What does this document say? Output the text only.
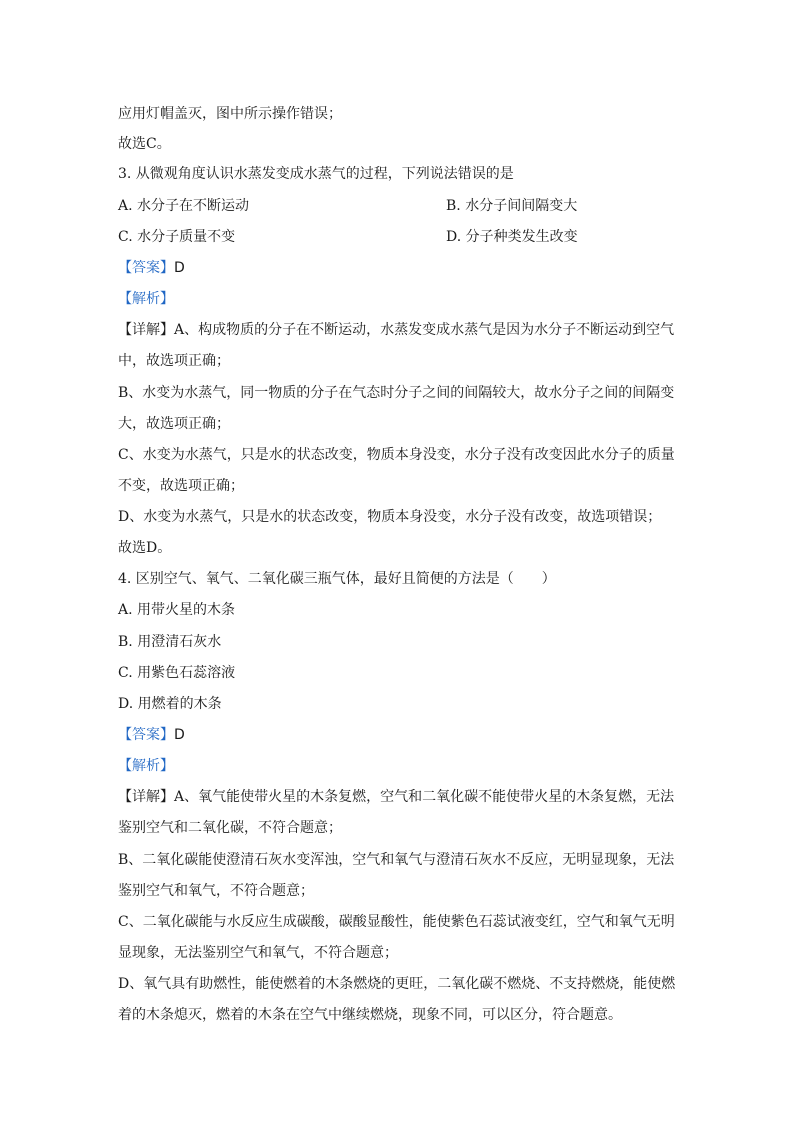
应用灯帽盖灭，图中所示操作错误；
故选C。
3. 从微观角度认识水蒸发变成水蒸气的过程，下列说法错误的是
A. 水分子在不断运动	B. 水分子间间隔变大
C. 水分子质量不变	D. 分子种类发生改变
【答案】D
【解析】
【详解】A、构成物质的分子在不断运动，水蒸发变成水蒸气是因为水分子不断运动到空气
中，故选项正确；
B、水变为水蒸气，同一物质的分子在气态时分子之间的间隔较大，故水分子之间的间隔变
大，故选项正确；
C、水变为水蒸气，只是水的状态改变，物质本身没变，水分子没有改变因此水分子的质量
不变，故选项正确；
D、水变为水蒸气，只是水的状态改变，物质本身没变，水分子没有改变，故选项错误；
故选D。
4. 区别空气、氧气、二氧化碳三瓶气体，最好且简便的方法是（　　）
A. 用带火星的木条
B. 用澄清石灰水
C. 用紫色石蕊溶液
D. 用燃着的木条
【答案】D
【解析】
【详解】A、氧气能使带火星的木条复燃，空气和二氧化碳不能使带火星的木条复燃，无法
鉴别空气和二氧化碳，不符合题意；
B、二氧化碳能使澄清石灰水变浑浊，空气和氧气与澄清石灰水不反应，无明显现象，无法
鉴别空气和氧气，不符合题意；
C、二氧化碳能与水反应生成碳酸，碳酸显酸性，能使紫色石蕊试液变红，空气和氧气无明
显现象，无法鉴别空气和氧气，不符合题意；
D、氧气具有助燃性，能使燃着的木条燃烧的更旺，二氧化碳不燃烧、不支持燃烧，能使燃
着的木条熄灭，燃着的木条在空气中继续燃烧，现象不同，可以区分，符合题意。
